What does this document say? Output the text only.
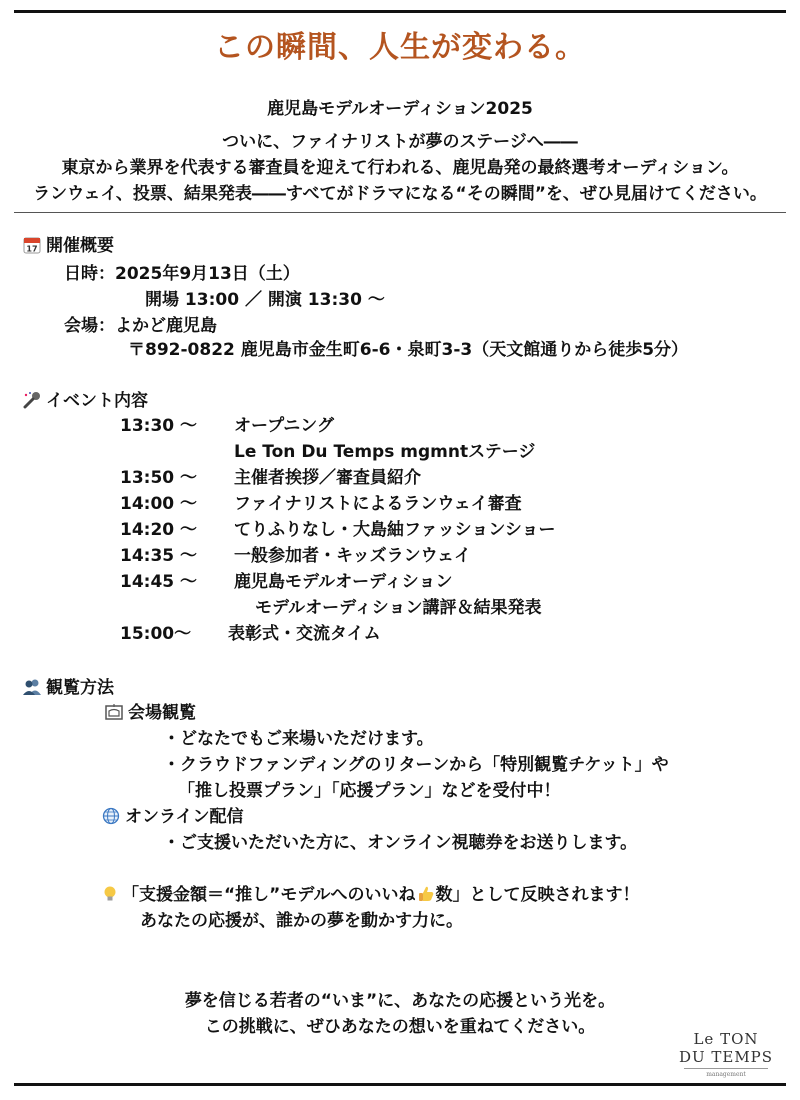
この瞬間、人生が変わる。
鹿児島モデルオーディション2025
ついに、ファイナリストが夢のステージへ――
東京から業界を代表する審査員を迎えて行われる、鹿児島発の最終選考オーディション。
ランウェイ、投票、結果発表――すべてがドラマになる“その瞬間”を、ぜひ見届けてください。
17 開催概要
日時：2025年9月13日（土）
開場 13:00 ／ 開演 13:30 〜
会場：よかど鹿児島
〒892-0822 鹿児島市金生町6-6・泉町3-3（天文館通りから徒歩5分）
イベント内容
13:30 〜 オープニング
Le Ton Du Temps mgmntステージ
13:50 〜 主催者挨拶／審査員紹介
14:00 〜 ファイナリストによるランウェイ審査
14:20 〜 てりふりなし・大島紬ファッションショー
14:35 〜 一般参加者・キッズランウェイ
14:45 〜 鹿児島モデルオーディション
モデルオーディション講評＆結果発表
15:00〜 表彰式・交流タイム
観覧方法
会場観覧
・どなたでもご来場いただけます。
・クラウドファンディングのリターンから「特別観覧チケット」や
「推し投票プラン」「応援プラン」などを受付中！
オンライン配信
・ご支援いただいた方に、オンライン視聴券をお送りします。
「支援金額＝“推し”モデルへのいいね 数」として反映されます！
あなたの応援が、誰かの夢を動かす力に。
夢を信じる若者の“いま”に、あなたの応援という光を。
この挑戦に、ぜひあなたの想いを重ねてください。
Le TON
DU TEMPS
management
